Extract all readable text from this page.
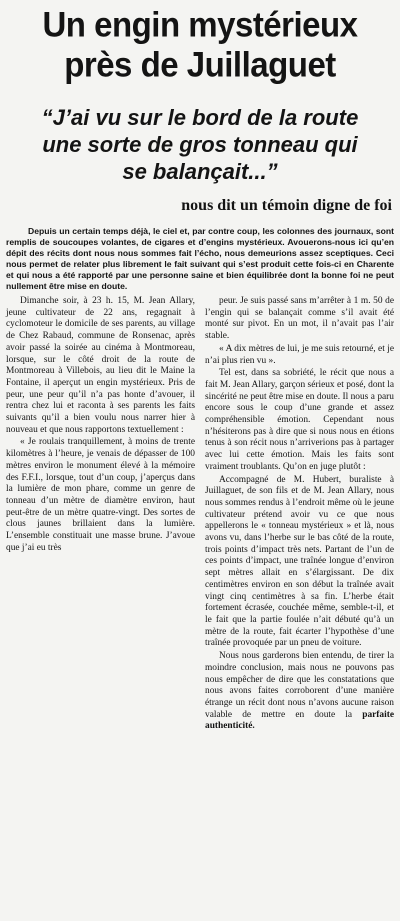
Un engin mystérieux
près de Juillaguet
“J’ai vu sur le bord de la route
une sorte de gros tonneau qui
se balançait...”
nous dit un témoin digne de foi

Depuis un certain temps déjà, le ciel et, par contre coup, les colonnes des journaux, sont remplis de soucoupes volantes, de cigares et d’engins mystérieux. Avouerons-nous ici qu’en dépit des récits dont nous nous sommes fait l’écho, nous demeurions assez sceptiques. Ceci nous permet de relater plus librement le fait suivant qui s’est produit cette fois-ci en Charente et qui nous a été rapporté par une personne saine et bien équilibrée dont la bonne foi ne peut nullement être mise en doute.

Dimanche soir, à 23 h. 15, M. Jean Allary, jeune cultivateur de 22 ans, regagnait à cyclomoteur le domicile de ses parents, au village de Chez Rabaud, commune de Ronsenac, après avoir passé la soirée au cinéma à Montmoreau, lorsque, sur le côté droit de la route de Montmoreau à Villebois, au lieu dit le Maine la Fontaine, il aperçut un engin mystérieux. Pris de peur, une peur qu’il n’a pas honte d’avouer, il rentra chez lui et raconta à ses parents les faits suivants qu’il a bien voulu nous narrer hier à nouveau et que nous rapportons textuellement :

« Je roulais tranquillement, à moins de trente kilomètres à l’heure, je venais de dépasser de 100 mètres environ le monument élevé à la mémoire des F.F.I., lorsque, tout d’un coup, j’aperçus dans la lumière de mon phare, comme un genre de tonneau d’un mètre de diamètre environ, haut peut-être de un mètre quatre-vingt. Des sortes de clous jaunes brillaient dans la lumière. L’ensemble constituait une masse brune. J’avoue que j’ai eu très

peur. Je suis passé sans m’arrêter à 1 m. 50 de l’engin qui se balançait comme s’il avait été monté sur pivot. En un mot, il n’avait pas l’air stable.

« A dix mètres de lui, je me suis retourné, et je n’ai plus rien vu ».

Tel est, dans sa sobriété, le récit que nous a fait M. Jean Allary, garçon sérieux et posé, dont la sincérité ne peut être mise en doute. Il nous a paru encore sous le coup d’une grande et assez compréhensible émotion. Cependant nous n’hésiterons pas à dire que si nous nous en étions tenus à son récit nous n’arriverions pas à partager avec lui cette émotion. Mais les faits sont vraiment troublants. Qu’on en juge plutôt :

Accompagné de M. Hubert, buraliste à Juillaguet, de son fils et de M. Jean Allary, nous nous sommes rendus à l’endroit même où le jeune cultivateur prétend avoir vu ce que nous appellerons le « tonneau mystérieux » et là, nous avons vu, dans l’herbe sur le bas côté de la route, trois points d’impact très nets. Partant de l’un de ces points d’impact, une traînée longue d’environ sept mètres allait en s’élargissant. De dix centimètres environ en son début la traînée avait vingt cinq centimètres à sa fin. L’herbe était fortement écrasée, couchée même, semble-t-il, et le fait que la partie foulée n’ait débuté qu’à un mètre de la route, fait écarter l’hypothèse d’une traînée provoquée par un pneu de voiture.

Nous nous garderons bien entendu, de tirer la moindre conclusion, mais nous ne pouvons pas nous empêcher de dire que les constatations que nous avons faites corroborent d’une manière étrange un récit dont nous n’avons aucune raison valable de mettre en doute la parfaite authenticité.
